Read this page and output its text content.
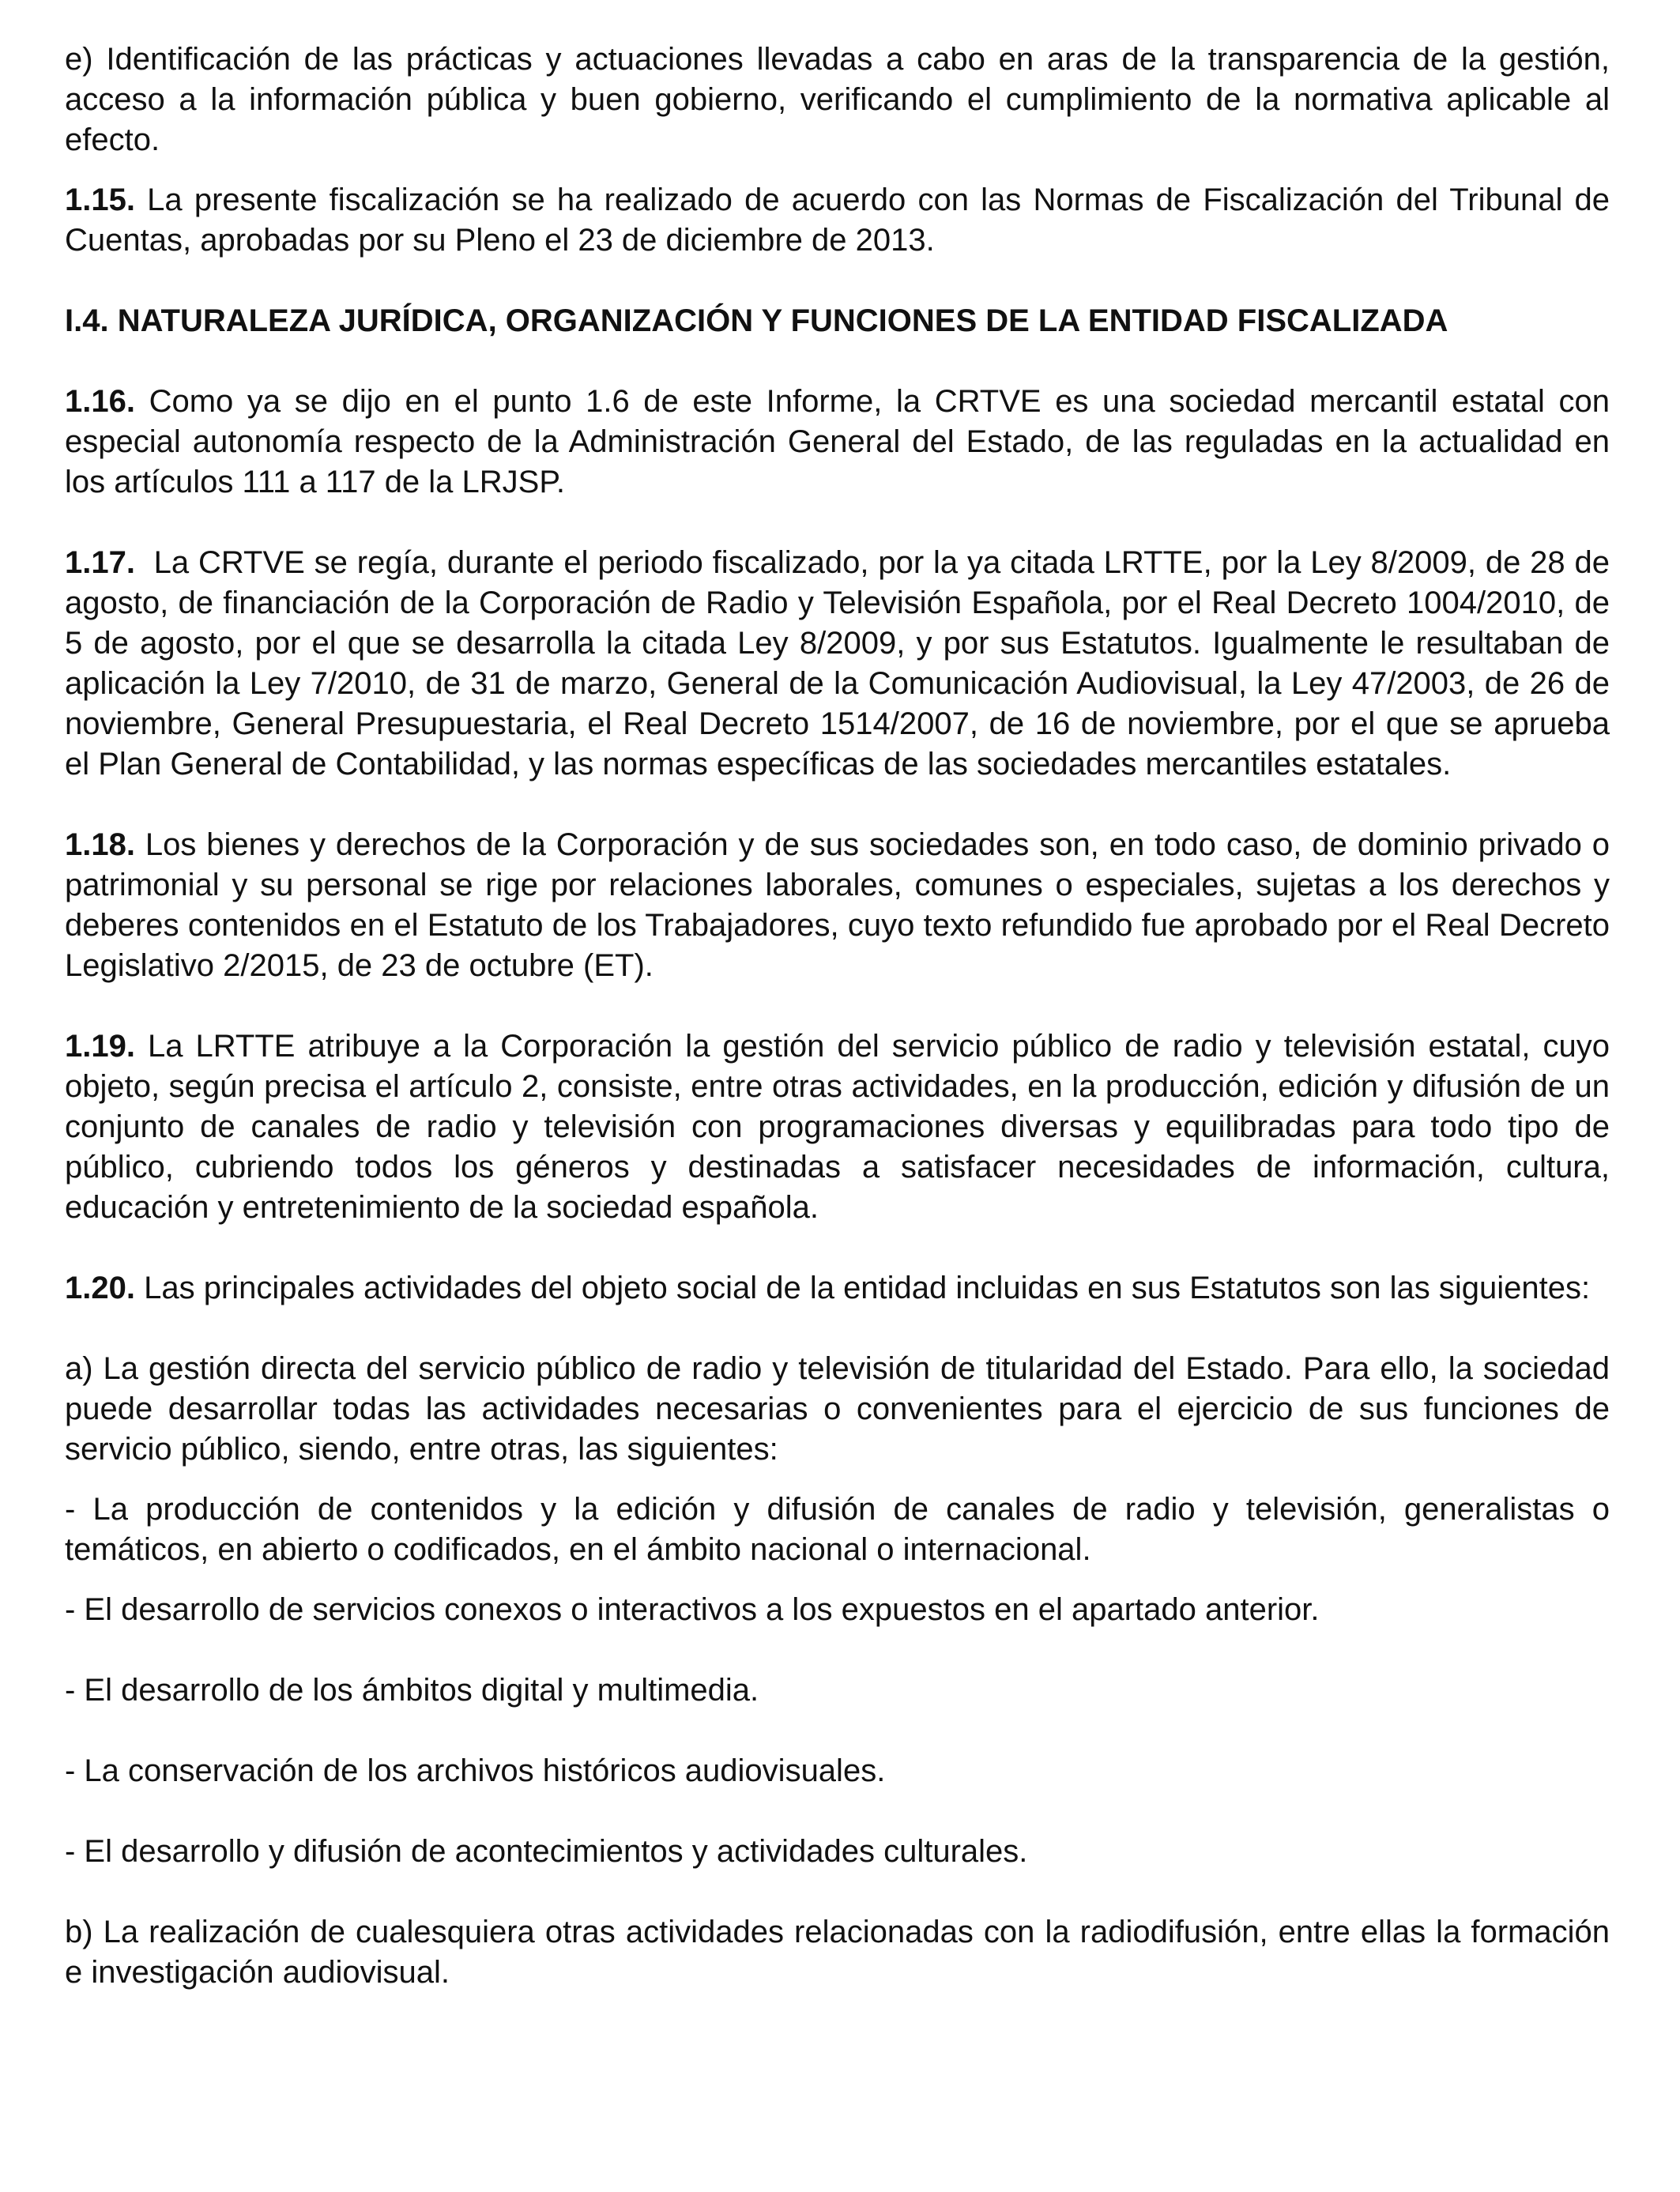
e) Identificación de las prácticas y actuaciones llevadas a cabo en aras de la transparencia de la gestión, acceso a la información pública y buen gobierno, verificando el cumplimiento de la normativa aplicable al efecto.

1.15. La presente fiscalización se ha realizado de acuerdo con las Normas de Fiscalización del Tribunal de Cuentas, aprobadas por su Pleno el 23 de diciembre de 2013.

I.4. NATURALEZA JURÍDICA, ORGANIZACIÓN Y FUNCIONES DE LA ENTIDAD FISCALIZADA

1.16. Como ya se dijo en el punto 1.6 de este Informe, la CRTVE es una sociedad mercantil estatal con especial autonomía respecto de la Administración General del Estado, de las reguladas en la actualidad en los artículos 111 a 117 de la LRJSP.

1.17.  La CRTVE se regía, durante el periodo fiscalizado, por la ya citada LRTTE, por la Ley 8/2009, de 28 de agosto, de financiación de la Corporación de Radio y Televisión Española, por el Real Decreto 1004/2010, de 5 de agosto, por el que se desarrolla la citada Ley 8/2009, y por sus Estatutos. Igualmente le resultaban de aplicación la Ley 7/2010, de 31 de marzo, General de la Comunicación Audiovisual, la Ley 47/2003, de 26 de noviembre, General Presupuestaria, el Real Decreto 1514/2007, de 16 de noviembre, por el que se aprueba el Plan General de Contabilidad, y las normas específicas de las sociedades mercantiles estatales.

1.18. Los bienes y derechos de la Corporación y de sus sociedades son, en todo caso, de dominio privado o patrimonial y su personal se rige por relaciones laborales, comunes o especiales, sujetas a los derechos y deberes contenidos en el Estatuto de los Trabajadores, cuyo texto refundido fue aprobado por el Real Decreto Legislativo 2/2015, de 23 de octubre (ET).

1.19. La LRTTE atribuye a la Corporación la gestión del servicio público de radio y televisión estatal, cuyo objeto, según precisa el artículo 2, consiste, entre otras actividades, en la producción, edición y difusión de un conjunto de canales de radio y televisión con programaciones diversas y equilibradas para todo tipo de público, cubriendo todos los géneros y destinadas a satisfacer necesidades de información, cultura, educación y entretenimiento de la sociedad española.

1.20. Las principales actividades del objeto social de la entidad incluidas en sus Estatutos son las siguientes:

a) La gestión directa del servicio público de radio y televisión de titularidad del Estado. Para ello, la sociedad puede desarrollar todas las actividades necesarias o convenientes para el ejercicio de sus funciones de servicio público, siendo, entre otras, las siguientes:

- La producción de contenidos y la edición y difusión de canales de radio y televisión, generalistas o temáticos, en abierto o codificados, en el ámbito nacional o internacional.

- El desarrollo de servicios conexos o interactivos a los expuestos en el apartado anterior.

- El desarrollo de los ámbitos digital y multimedia.

- La conservación de los archivos históricos audiovisuales.

- El desarrollo y difusión de acontecimientos y actividades culturales.

b) La realización de cualesquiera otras actividades relacionadas con la radiodifusión, entre ellas la formación e investigación audiovisual.
